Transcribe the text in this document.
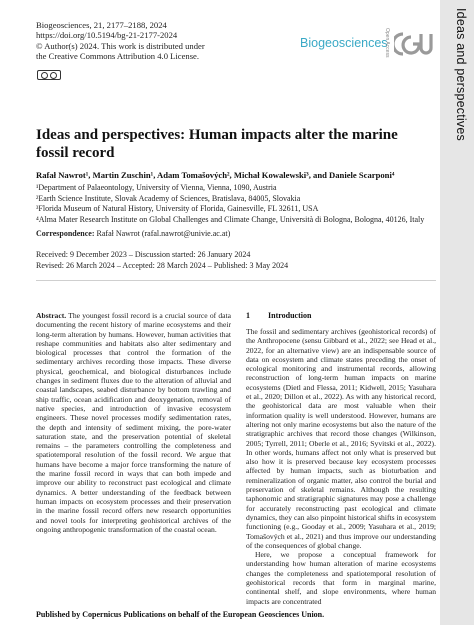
Ideas and perspectives
Biogeosciences, 21, 2177–2188, 2024
https://doi.org/10.5194/bg-21-2177-2024
© Author(s) 2024. This work is distributed under
the Creative Commons Attribution 4.0 License.
Biogeosciences
Open Access	EGU
Ideas and perspectives: Human impacts alter the marine fossil record
Rafał Nawrot¹, Martin Zuschin¹, Adam Tomašových², Michał Kowalewski³, and Daniele Scarponi⁴
¹Department of Palaeontology, University of Vienna, Vienna, 1090, Austria
²Earth Science Institute, Slovak Academy of Sciences, Bratislava, 84005, Slovakia
³Florida Museum of Natural History, University of Florida, Gainesville, FL 32611, USA
⁴Alma Mater Research Institute on Global Challenges and Climate Change, Università di Bologna, Bologna, 40126, Italy
Correspondence: Rafał Nawrot (rafal.nawrot@univie.ac.at)
Received: 9 December 2023 – Discussion started: 26 January 2024
Revised: 26 March 2024 – Accepted: 28 March 2024 – Published: 3 May 2024
Abstract. The youngest fossil record is a crucial source of data documenting the recent history of marine ecosystems and their long-term alteration by humans. However, human activities that reshape communities and habitats also alter sedimentary and biological processes that control the formation of the sedimentary archives recording those impacts. These diverse physical, geochemical, and biological disturbances include changes in sediment fluxes due to the alteration of alluvial and coastal landscapes, seabed disturbance by bottom trawling and ship traffic, ocean acidification and deoxygenation, removal of native species, and introduction of invasive ecosystem engineers. These novel processes modify sedimentation rates, the depth and intensity of sediment mixing, the pore-water saturation state, and the preservation potential of skeletal remains – the parameters controlling the completeness and spatiotemporal resolution of the fossil record. We argue that humans have become a major force transforming the nature of the marine fossil record in ways that can both impede and improve our ability to reconstruct past ecological and climate dynamics. A better understanding of the feedback between human impacts on ecosystem processes and their preservation in the marine fossil record offers new research opportunities and novel tools for interpreting geohistorical archives of the ongoing anthropogenic transformation of the coastal ocean.
1 Introduction

The fossil and sedimentary archives (geohistorical records) of the Anthropocene (sensu Gibbard et al., 2022; see Head et al., 2022, for an alternative view) are an indispensable source of data on ecosystem and climate states preceding the onset of ecological monitoring and instrumental records, allowing reconstruction of long-term human impacts on marine ecosystems (Dietl and Flessa, 2011; Kidwell, 2015; Yasuhara et al., 2020; Dillon et al., 2022). As with any historical record, the geohistorical data are most valuable when their information quality is well understood. However, humans are altering not only marine ecosystems but also the nature of the stratigraphic archives that record those changes (Wilkinson, 2005; Tyrrell, 2011; Oberle et al., 2016; Syvitski et al., 2022). In other words, humans affect not only what is preserved but also how it is preserved because key ecosystem processes affected by human impacts, such as bioturbation and remineralization of organic matter, also control the burial and preservation of skeletal remains. Although the resulting taphonomic and stratigraphic signatures may pose a challenge for accurately reconstructing past ecological and climate dynamics, they can also pinpoint historical shifts in ecosystem functioning (e.g., Gooday et al., 2009; Yasuhara et al., 2019; Tomašových et al., 2021) and thus improve our understanding of the consequences of global change.

Here, we propose a conceptual framework for understanding how human alteration of marine ecosystems changes the completeness and spatiotemporal resolution of geohistorical records that form in marginal marine, continental shelf, and slope environments, where human impacts are concentrated

Published by Copernicus Publications on behalf of the European Geosciences Union.
